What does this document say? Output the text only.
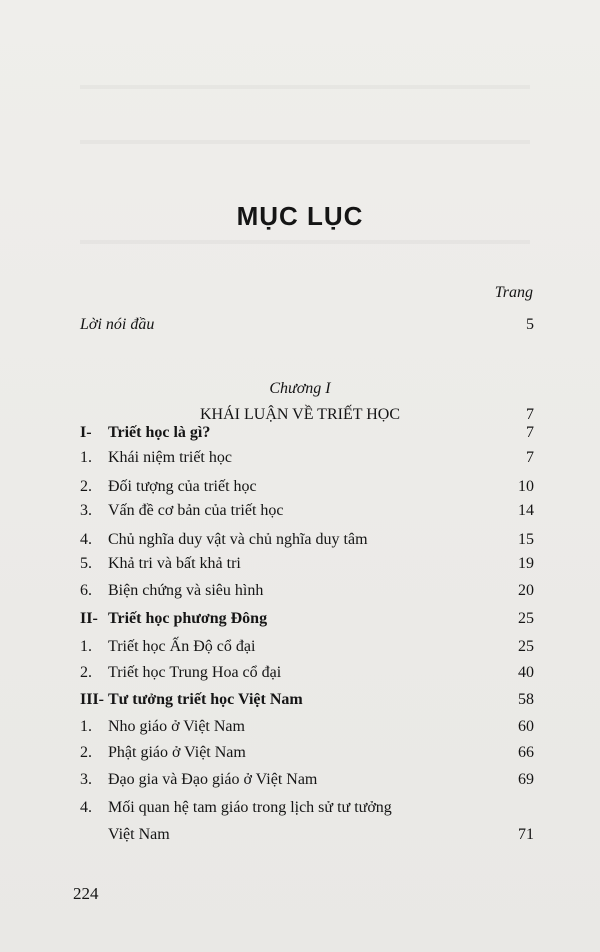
MỤC LỤC
Trang
Lời nói đầu	5
Chương I
KHÁI LUẬN VỀ TRIẾT HỌC	7
I- Triết học là gì?	7
1. Khái niệm triết học	7
2. Đối tượng của triết học	10
3. Vấn đề cơ bản của triết học	14
4. Chủ nghĩa duy vật và chủ nghĩa duy tâm	15
5. Khả tri và bất khả tri	19
6. Biện chứng và siêu hình	20
II- Triết học phương Đông	25
1. Triết học Ấn Độ cổ đại	25
2. Triết học Trung Hoa cổ đại	40
III- Tư tưởng triết học Việt Nam	58
1. Nho giáo ở Việt Nam	60
2. Phật giáo ở Việt Nam	66
3. Đạo gia và Đạo giáo ở Việt Nam	69
4. Mối quan hệ tam giáo trong lịch sử tư tưởng
Việt Nam	71
224
